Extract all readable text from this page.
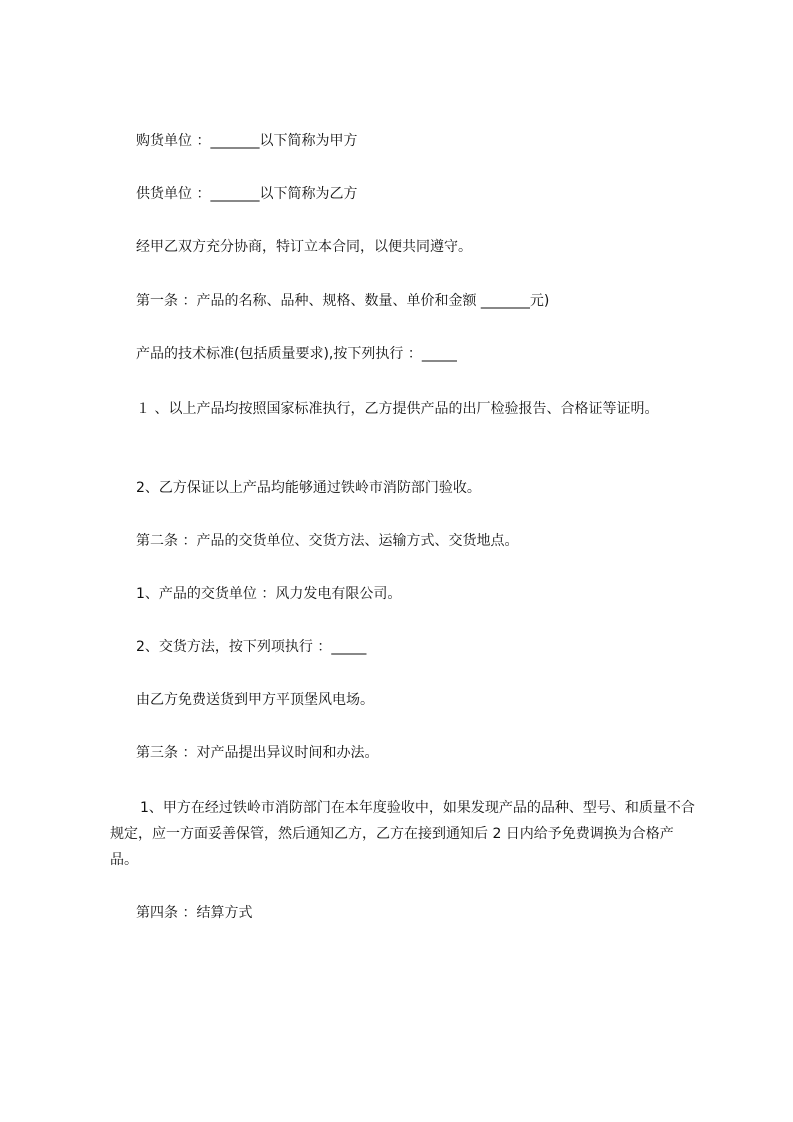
购货单位 ：_______以下简称为甲方
供货单位 ：_______以下简称为乙方
经甲乙双方充分协商，特订立本合同，以便共同遵守。
第一条 ：产品的名称、品种、规格、数量、单价和金额 _______元)
产品的技术标准(包括质量要求),按下列执行 ：_____
１ 、以上产品均按照国家标准执行，乙方提供产品的出厂检验报告、合格证等证明。
2、乙方保证以上产品均能够通过铁岭市消防部门验收。
第二条 ：产品的交货单位、交货方法、运输方式、交货地点。
1、产品的交货单位 ：风力发电有限公司。
2、交货方法，按下列项执行 ：_____
由乙方免费送货到甲方平顶堡风电场。
第三条 ：对产品提出异议时间和办法。
1、甲方在经过铁岭市消防部门在本年度验收中，如果发现产品的品种、型号、和质量不合规定，应一方面妥善保管，然后通知乙方，乙方在接到通知后 2 日内给予免费调换为合格产品。
第四条 ：结算方式
